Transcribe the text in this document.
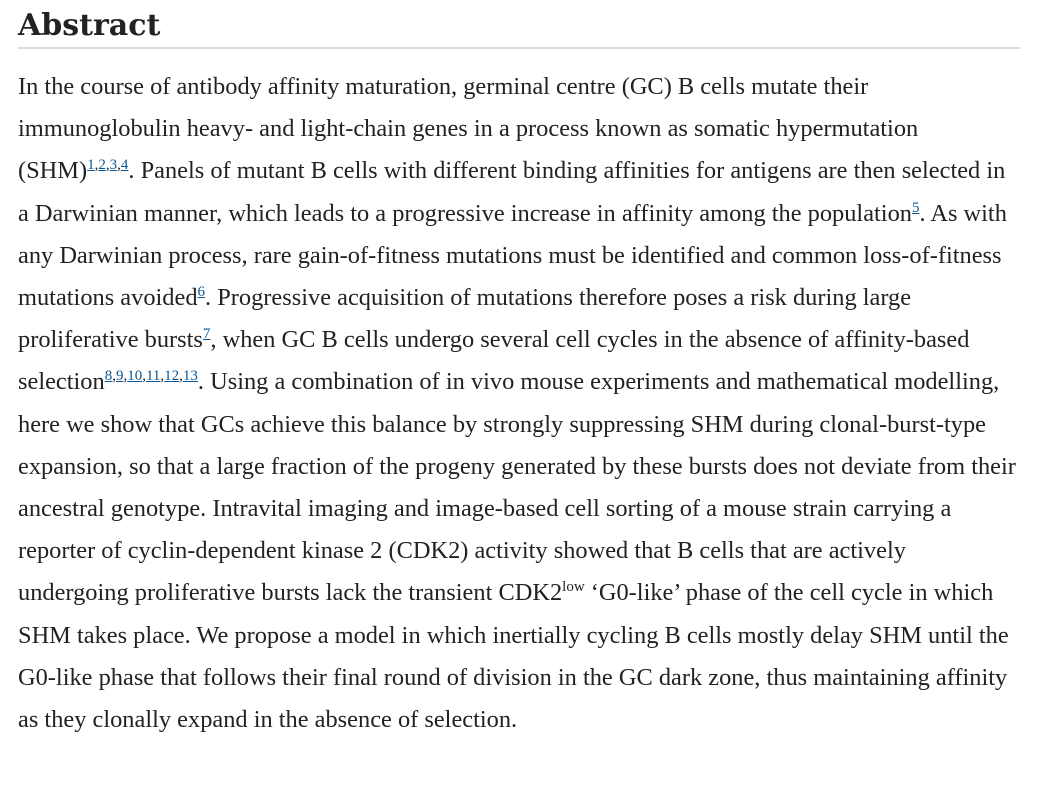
Abstract

In the course of antibody affinity maturation, germinal centre (GC) B cells mutate their immunoglobulin heavy- and light-chain genes in a process known as somatic hypermutation (SHM)$^{1,2,3,4}$. Panels of mutant B cells with different binding affinities for antigens are then selected in a Darwinian manner, which leads to a progressive increase in affinity among the population$^5$. As with any Darwinian process, rare gain-of-fitness mutations must be identified and common loss-of-fitness mutations avoided$^6$. Progressive acquisition of mutations therefore poses a risk during large proliferative bursts$^7$, when GC B cells undergo several cell cycles in the absence of affinity-based selection$^{8,9,10,11,12,13}$. Using a combination of in vivo mouse experiments and mathematical modelling, here we show that GCs achieve this balance by strongly suppressing SHM during clonal-burst-type expansion, so that a large fraction of the progeny generated by these bursts does not deviate from their ancestral genotype. Intravital imaging and image-based cell sorting of a mouse strain carrying a reporter of cyclin-dependent kinase 2 (CDK2) activity showed that B cells that are actively undergoing proliferative bursts lack the transient $CDK2^{low}$ ‘G0-like’ phase of the cell cycle in which SHM takes place. We propose a model in which inertially cycling B cells mostly delay SHM until the G0-like phase that follows their final round of division in the GC dark zone, thus maintaining affinity as they clonally expand in the absence of selection.
